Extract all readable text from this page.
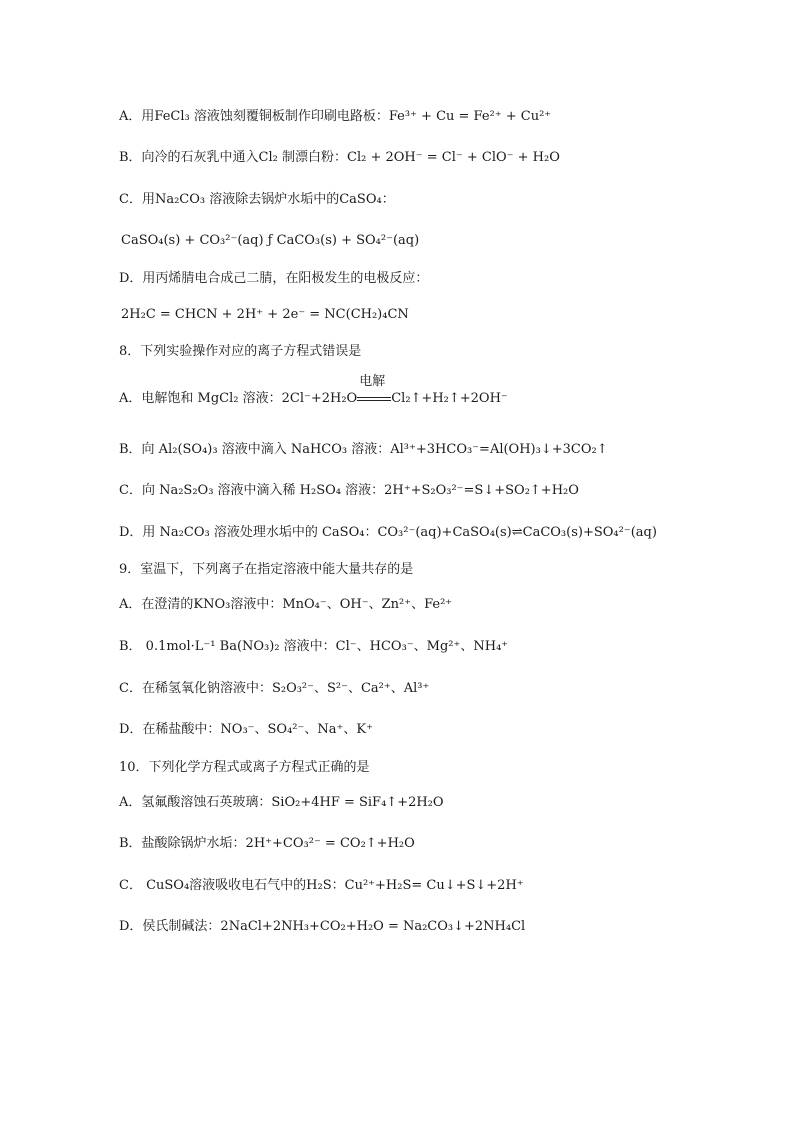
A．用FeCl₃ 溶液蚀刻覆铜板制作印刷电路板：Fe³⁺ + Cu = Fe²⁺ + Cu²⁺
B．向冷的石灰乳中通入Cl₂ 制漂白粉：Cl₂ + 2OH⁻ = Cl⁻ + ClO⁻ + H₂O
C．用Na₂CO₃ 溶液除去锅炉水垢中的CaSO₄：
CaSO₄(s) + CO₃²⁻(aq) ƒ CaCO₃(s) + SO₄²⁻(aq)
D．用丙烯腈电合成己二腈，在阳极发生的电极反应：
2H₂C = CHCN + 2H⁺ + 2e⁻ = NC(CH₂)₄CN
8．下列实验操作对应的离子方程式错误是
A．电解饱和 MgCl₂ 溶液：2Cl⁻+2H₂O
电解
Cl₂↑+H₂↑+2OH⁻
B．向 Al₂(SO₄)₃ 溶液中滴入 NaHCO₃ 溶液：Al³⁺+3HCO₃⁻=Al(OH)₃↓+3CO₂↑
C．向 Na₂S₂O₃ 溶液中滴入稀 H₂SO₄ 溶液：2H⁺+S₂O₃²⁻=S↓+SO₂↑+H₂O
D．用 Na₂CO₃ 溶液处理水垢中的 CaSO₄：CO₃²⁻(aq)+CaSO₄(s)⇌CaCO₃(s)+SO₄²⁻(aq)
9．室温下，下列离子在指定溶液中能大量共存的是
A．在澄清的KNO₃溶液中：MnO₄⁻、OH⁻、Zn²⁺、Fe²⁺
B． 0.1mol·L⁻¹ Ba(NO₃)₂ 溶液中：Cl⁻、HCO₃⁻、Mg²⁺、NH₄⁺
C．在稀氢氧化钠溶液中：S₂O₃²⁻、S²⁻、Ca²⁺、Al³⁺
D．在稀盐酸中：NO₃⁻、SO₄²⁻、Na⁺、K⁺
10．下列化学方程式或离子方程式正确的是
A．氢氟酸溶蚀石英玻璃：SiO₂+4HF = SiF₄↑+2H₂O
B．盐酸除锅炉水垢：2H⁺+CO₃²⁻ = CO₂↑+H₂O
C． CuSO₄溶液吸收电石气中的H₂S：Cu²⁺+H₂S= Cu↓+S↓+2H⁺
D．侯氏制碱法：2NaCl+2NH₃+CO₂+H₂O = Na₂CO₃↓+2NH₄Cl
